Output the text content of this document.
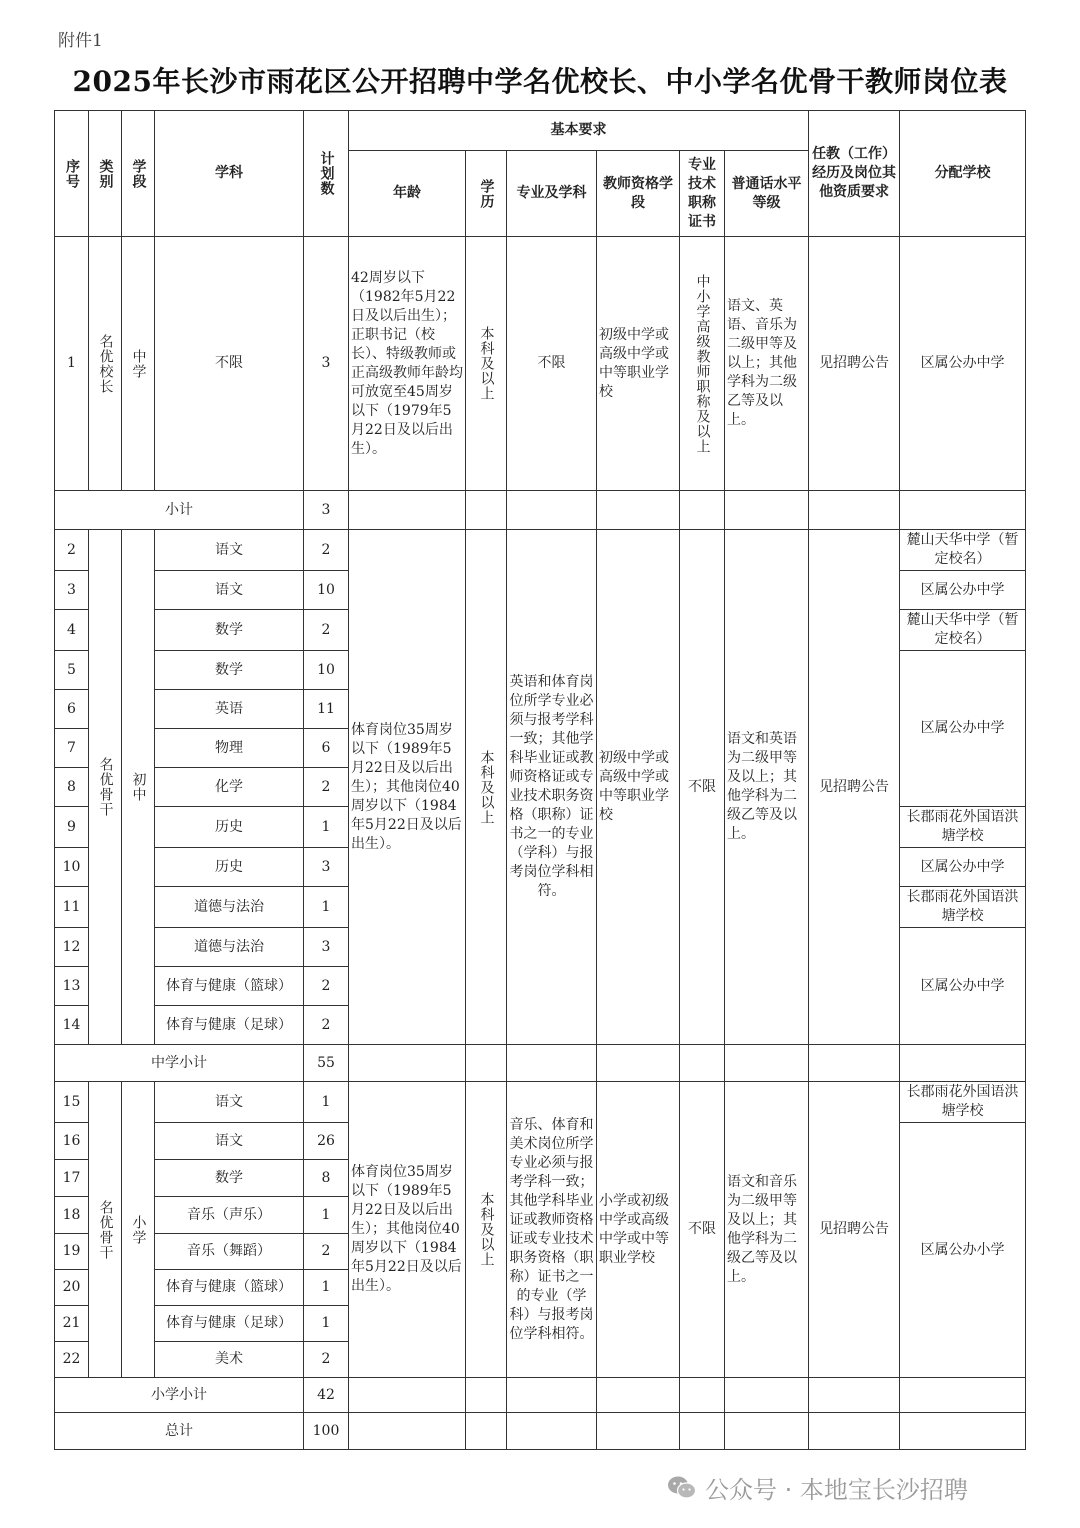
附件1
2025年长沙市雨花区公开招聘中学名优校长、中小学名优骨干教师岗位表
序号	类别	学段	学科	计划数	基本要求						任教（工作）经历及岗位其他资质要求	分配学校
					年龄	学历	专业及学科	教师资格学段	专业技术职称证书	普通话水平等级		
1	名优校长	中学	不限	3	42周岁以下（1982年5月22日及以后出生）；正职书记（校长）、特级教师或正高级教师年龄均可放宽至45周岁以下（1979年5月22日及以后出生）。	本科及以上	不限	初级中学或高级中学或中等职业学校	中小学高级教师职称及以上	语文、英语、音乐为二级甲等及以上；其他学科为二级乙等及以上。	见招聘公告	区属公办中学
小计				3								
2	名优骨干	初中	语文	2	体育岗位35周岁以下（1989年5月22日及以后出生）；其他岗位40周岁以下（1984年5月22日及以后出生）。	本科及以上	英语和体育岗位所学专业必须与报考学科一致；其他学科毕业证或教师资格证或专业技术职务资格（职称）证书之一的专业（学科）与报考岗位学科相符。	初级中学或高级中学或中等职业学校	不限	语文和英语为二级甲等及以上；其他学科为二级乙等及以上。	见招聘公告	麓山天华中学（暂定校名）
3			语文	10								区属公办中学
4			数学	2								麓山天华中学（暂定校名）
5			数学	10								区属公办中学
6			英语	11								
7			物理	6								
8			化学	2								
9			历史	1								长郡雨花外国语洪塘学校
10			历史	3								区属公办中学
11			道德与法治	1								长郡雨花外国语洪塘学校
12			道德与法治	3								区属公办中学
13			体育与健康（篮球）	2								
14			体育与健康（足球）	2								
中学小计				55								
15	名优骨干	小学	语文	1	体育岗位35周岁以下（1989年5月22日及以后出生）；其他岗位40周岁以下（1984年5月22日及以后出生）。	本科及以上	音乐、体育和美术岗位所学专业必须与报考学科一致；其他学科毕业证或教师资格证或专业技术职务资格（职称）证书之一的专业（学科）与报考岗位学科相符。	小学或初级中学或高级中学或中等职业学校	不限	语文和音乐为二级甲等及以上；其他学科为二级乙等及以上。	见招聘公告	长郡雨花外国语洪塘学校
16			语文	26								区属公办小学
17			数学	8								
18			音乐（声乐）	1								
19			音乐（舞蹈）	2								
20			体育与健康（篮球）	1								
21			体育与健康（足球）	1								
22			美术	2								
小学小计				42								
总计				100								
公众号 · 本地宝长沙招聘
